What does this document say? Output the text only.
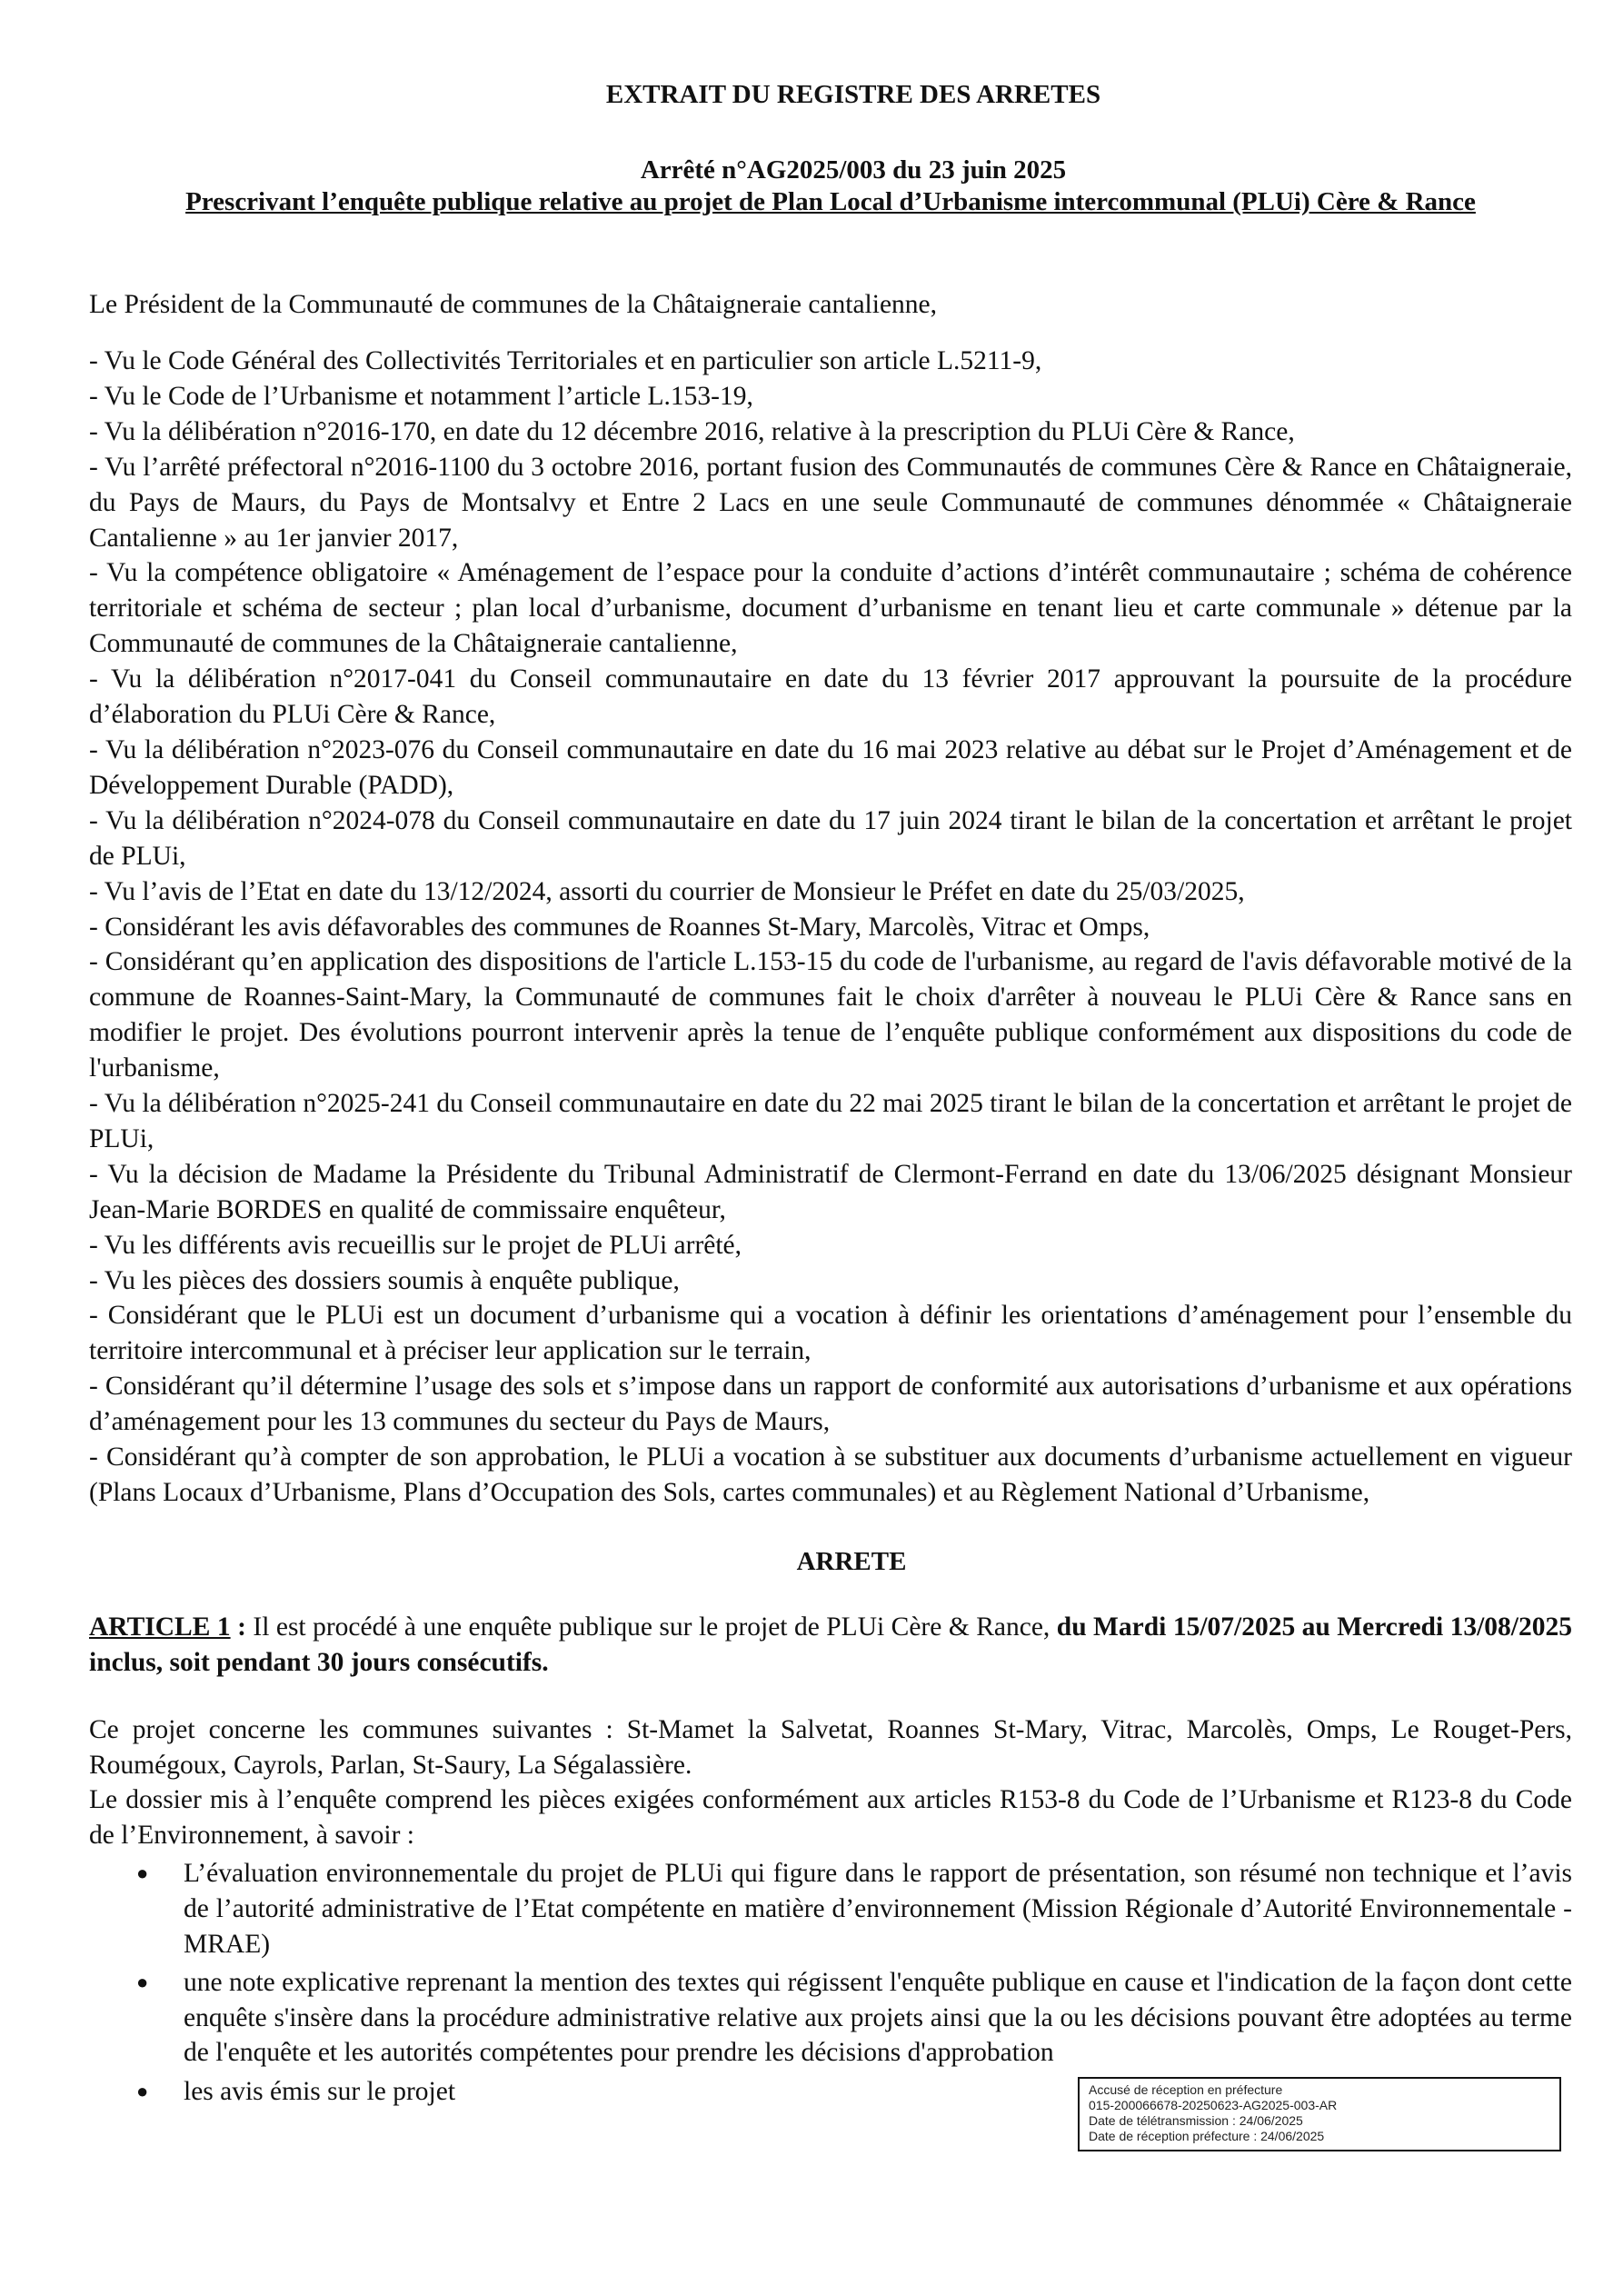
EXTRAIT DU REGISTRE DES ARRETES
Arrêté n°AG2025/003 du 23 juin 2025
Prescrivant l’enquête publique relative au projet de Plan Local d’Urbanisme intercommunal (PLUi) Cère & Rance
Le Président de la Communauté de communes de la Châtaigneraie cantalienne,

- Vu le Code Général des Collectivités Territoriales et en particulier son article L.5211-9,

- Vu le Code de l’Urbanisme et notamment l’article L.153-19,

- Vu la délibération n°2016-170, en date du 12 décembre 2016, relative à la prescription du PLUi Cère & Rance,

- Vu l’arrêté préfectoral n°2016-1100 du 3 octobre 2016, portant fusion des Communautés de communes Cère & Rance en Châtaigneraie, du Pays de Maurs, du Pays de Montsalvy et Entre 2 Lacs en une seule Communauté de communes dénommée « Châtaigneraie Cantalienne » au 1er janvier 2017,

- Vu la compétence obligatoire « Aménagement de l’espace pour la conduite d’actions d’intérêt communautaire ; schéma de cohérence territoriale et schéma de secteur ; plan local d’urbanisme, document d’urbanisme en tenant lieu et carte communale » détenue par la Communauté de communes de la Châtaigneraie cantalienne,

- Vu la délibération n°2017-041 du Conseil communautaire en date du 13 février 2017 approuvant la poursuite de la procédure d’élaboration du PLUi Cère & Rance,

- Vu la délibération n°2023-076 du Conseil communautaire en date du 16 mai 2023 relative au débat sur le Projet d’Aménagement et de Développement Durable (PADD),

- Vu la délibération n°2024-078 du Conseil communautaire en date du 17 juin 2024 tirant le bilan de la concertation et arrêtant le projet de PLUi,

- Vu l’avis de l’Etat en date du 13/12/2024, assorti du courrier de Monsieur le Préfet en date du 25/03/2025,

- Considérant les avis défavorables des communes de Roannes St-Mary, Marcolès, Vitrac et Omps,

- Considérant qu’en application des dispositions de l'article L.153-15 du code de l'urbanisme, au regard de l'avis défavorable motivé de la commune de Roannes-Saint-Mary, la Communauté de communes fait le choix d'arrêter à nouveau le PLUi Cère & Rance sans en modifier le projet. Des évolutions pourront intervenir après la tenue de l’enquête publique conformément aux dispositions du code de l'urbanisme,

- Vu la délibération n°2025-241 du Conseil communautaire en date du 22 mai 2025 tirant le bilan de la concertation et arrêtant le projet de PLUi,

- Vu la décision de Madame la Présidente du Tribunal Administratif de Clermont-Ferrand en date du 13/06/2025 désignant Monsieur Jean-Marie BORDES en qualité de commissaire enquêteur,

- Vu les différents avis recueillis sur le projet de PLUi arrêté,

- Vu les pièces des dossiers soumis à enquête publique,

- Considérant que le PLUi est un document d’urbanisme qui a vocation à définir les orientations d’aménagement pour l’ensemble du territoire intercommunal et à préciser leur application sur le terrain,

- Considérant qu’il détermine l’usage des sols et s’impose dans un rapport de conformité aux autorisations d’urbanisme et aux opérations d’aménagement pour les 13 communes du secteur du Pays de Maurs,

- Considérant qu’à compter de son approbation, le PLUi a vocation à se substituer aux documents d’urbanisme actuellement en vigueur (Plans Locaux d’Urbanisme, Plans d’Occupation des Sols, cartes communales) et au Règlement National d’Urbanisme,

ARRETE

ARTICLE 1 : Il est procédé à une enquête publique sur le projet de PLUi Cère & Rance, du Mardi 15/07/2025 au Mercredi 13/08/2025 inclus, soit pendant 30 jours consécutifs.

Ce projet concerne les communes suivantes : St-Mamet la Salvetat, Roannes St-Mary, Vitrac, Marcolès, Omps, Le Rouget-Pers, Roumégoux, Cayrols, Parlan, St-Saury, La Ségalassière.

Le dossier mis à l’enquête comprend les pièces exigées conformément aux articles R153-8 du Code de l’Urbanisme et R123-8 du Code de l’Environnement, à savoir :

● L’évaluation environnementale du projet de PLUi qui figure dans le rapport de présentation, son résumé non technique et l’avis de l’autorité administrative de l’Etat compétente en matière d’environnement (Mission Régionale d’Autorité Environnementale - MRAE)
● une note explicative reprenant la mention des textes qui régissent l'enquête publique en cause et l'indication de la façon dont cette enquête s'insère dans la procédure administrative relative aux projets ainsi que la ou les décisions pouvant être adoptées au terme de l'enquête et les autorités compétentes pour prendre les décisions d'approbation
● les avis émis sur le projet	Accusé de réception en préfecture
015-200066678-20250623-AG2025-003-AR
Date de télétransmission : 24/06/2025
Date de réception préfecture : 24/06/2025
